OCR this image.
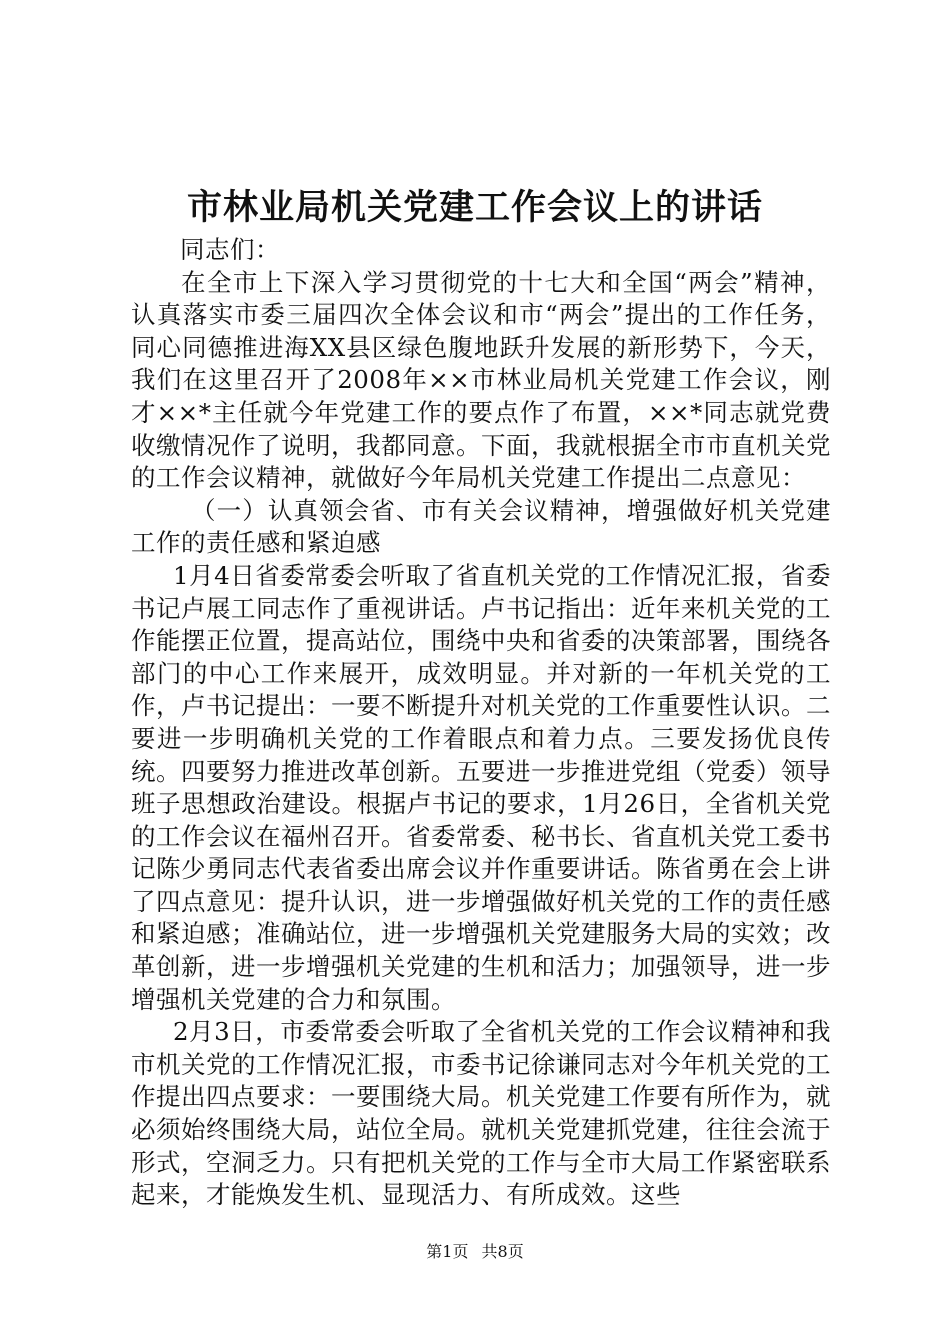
市林业局机关党建工作会议上的讲话

同志们：

在全市上下深入学习贯彻党的十七大和全国“两会”精神，认真落实市委三届四次全体会议和市“两会”提出的工作任务，同心同德推进海XX县区绿色腹地跃升发展的新形势下，今天，我们在这里召开了2008年××市林业局机关党建工作会议，刚才××*主任就今年党建工作的要点作了布置，××*同志就党费收缴情况作了说明，我都同意。下面，我就根据全市市直机关党的工作会议精神，就做好今年局机关党建工作提出二点意见：

（一）认真领会省、市有关会议精神，增强做好机关党建工作的责任感和紧迫感

1月4日省委常委会听取了省直机关党的工作情况汇报，省委书记卢展工同志作了重视讲话。卢书记指出：近年来机关党的工作能摆正位置，提高站位，围绕中央和省委的决策部署，围绕各部门的中心工作来展开，成效明显。并对新的一年机关党的工作，卢书记提出：一要不断提升对机关党的工作重要性认识。二要进一步明确机关党的工作着眼点和着力点。三要发扬优良传统。四要努力推进改革创新。五要进一步推进党组（党委）领导班子思想政治建设。根据卢书记的要求，1月26日，全省机关党的工作会议在福州召开。省委常委、秘书长、省直机关党工委书记陈少勇同志代表省委出席会议并作重要讲话。陈省勇在会上讲了四点意见：提升认识，进一步增强做好机关党的工作的责任感和紧迫感；准确站位，进一步增强机关党建服务大局的实效；改革创新，进一步增强机关党建的生机和活力；加强领导，进一步增强机关党建的合力和氛围。

2月3日，市委常委会听取了全省机关党的工作会议精神和我市机关党的工作情况汇报，市委书记徐谦同志对今年机关党的工作提出四点要求：一要围绕大局。机关党建工作要有所作为，就必须始终围绕大局，站位全局。就机关党建抓党建，往往会流于形式，空洞乏力。只有把机关党的工作与全市大局工作紧密联系起来，才能焕发生机、显现活力、有所成效。这些

第1页 共8页
